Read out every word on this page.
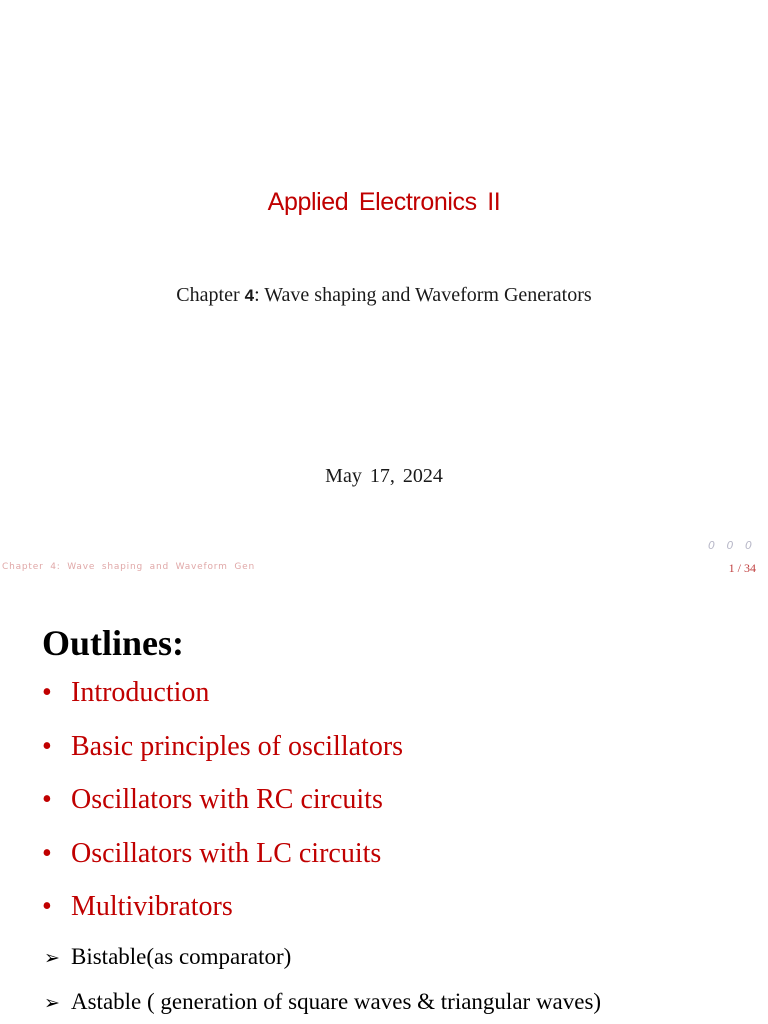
Applied Electronics II
Chapter 4: Wave shaping and Waveform Generators
May 17, 2024
0 0 0
Chapter 4: Wave shaping and Waveform Gen	1 / 34
Outlines:
• Introduction
• Basic principles of oscillators
• Oscillators with RC circuits
• Oscillators with LC circuits
• Multivibrators
➢ Bistable(as comparator)
➢ Astable ( generation of square waves & triangular waves)
